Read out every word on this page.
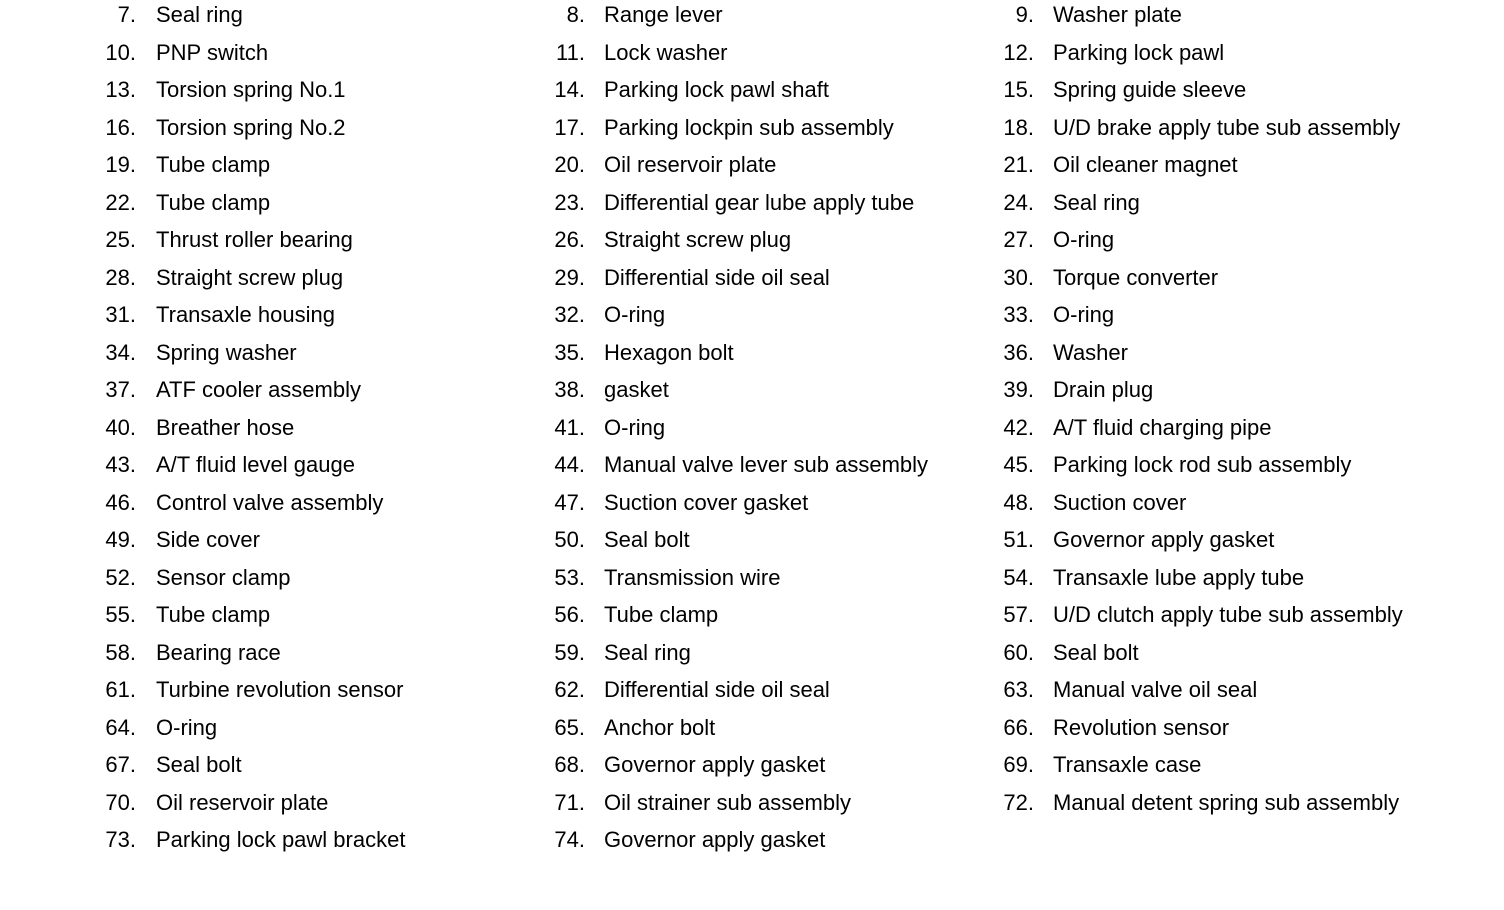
7. Seal ring	8. Range lever	9. Washer plate
10. PNP switch	11. Lock washer	12. Parking lock pawl
13. Torsion spring No.1	14. Parking lock pawl shaft	15. Spring guide sleeve
16. Torsion spring No.2	17. Parking lockpin sub assembly	18. U/D brake apply tube sub assembly
19. Tube clamp	20. Oil reservoir plate	21. Oil cleaner magnet
22. Tube clamp	23. Differential gear lube apply tube	24. Seal ring
25. Thrust roller bearing	26. Straight screw plug	27. O-ring
28. Straight screw plug	29. Differential side oil seal	30. Torque converter
31. Transaxle housing	32. O-ring	33. O-ring
34. Spring washer	35. Hexagon bolt	36. Washer
37. ATF cooler assembly	38. gasket	39. Drain plug
40. Breather hose	41. O-ring	42. A/T fluid charging pipe
43. A/T fluid level gauge	44. Manual valve lever sub assembly	45. Parking lock rod sub assembly
46. Control valve assembly	47. Suction cover gasket	48. Suction cover
49. Side cover	50. Seal bolt	51. Governor apply gasket
52. Sensor clamp	53. Transmission wire	54. Transaxle lube apply tube
55. Tube clamp	56. Tube clamp	57. U/D clutch apply tube sub assembly
58. Bearing race	59. Seal ring	60. Seal bolt
61. Turbine revolution sensor	62. Differential side oil seal	63. Manual valve oil seal
64. O-ring	65. Anchor bolt	66. Revolution sensor
67. Seal bolt	68. Governor apply gasket	69. Transaxle case
70. Oil reservoir plate	71. Oil strainer sub assembly	72. Manual detent spring sub assembly
73. Parking lock pawl bracket	74. Governor apply gasket
